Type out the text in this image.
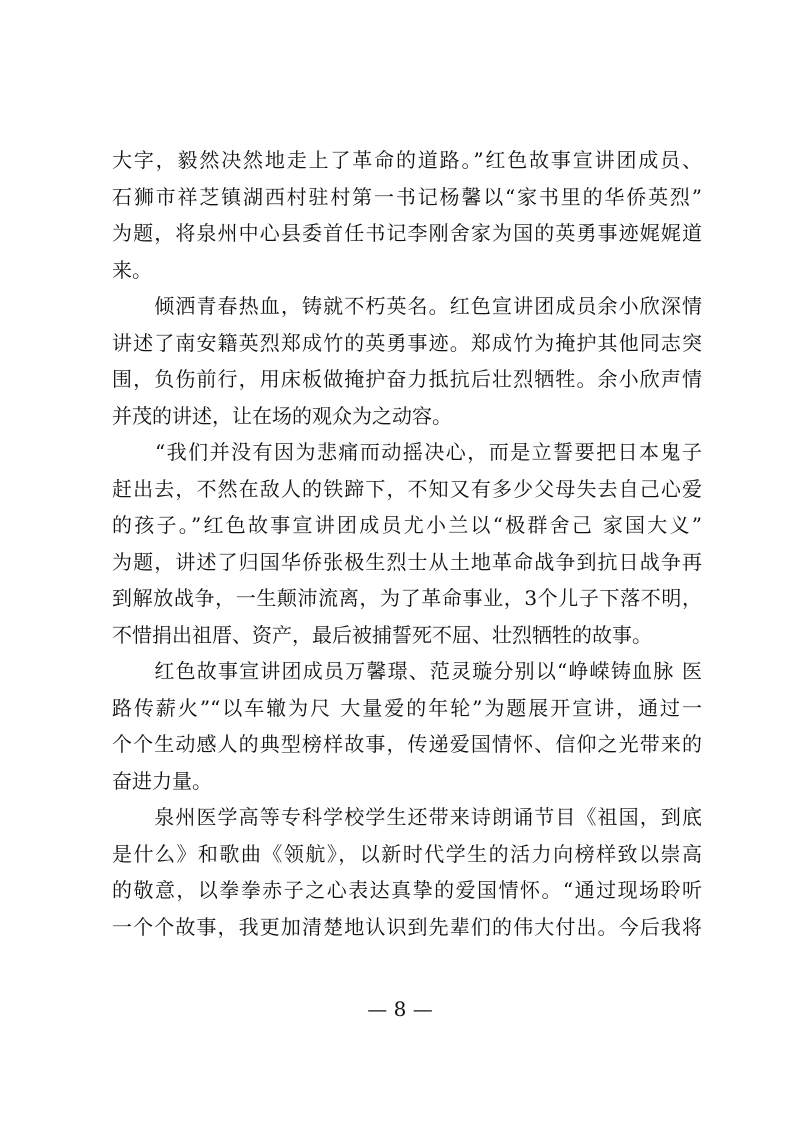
大字，毅然决然地走上了革命的道路。”红色故事宣讲团成员、
石狮市祥芝镇湖西村驻村第一书记杨馨以“家书里的华侨英烈”
为题，将泉州中心县委首任书记李刚舍家为国的英勇事迹娓娓道
来。
　　倾洒青春热血，铸就不朽英名。红色宣讲团成员余小欣深情
讲述了南安籍英烈郑成竹的英勇事迹。郑成竹为掩护其他同志突
围，负伤前行，用床板做掩护奋力抵抗后壮烈牺牲。余小欣声情
并茂的讲述，让在场的观众为之动容。
　　“我们并没有因为悲痛而动摇决心，而是立誓要把日本鬼子
赶出去，不然在敌人的铁蹄下，不知又有多少父母失去自己心爱
的孩子。”红色故事宣讲团成员尤小兰以“极群舍己 家国大义”
为题，讲述了归国华侨张极生烈士从土地革命战争到抗日战争再
到解放战争，一生颠沛流离，为了革命事业，3个儿子下落不明，
不惜捐出祖厝、资产，最后被捕誓死不屈、壮烈牺牲的故事。
　　红色故事宣讲团成员万馨璟、范灵璇分别以“峥嵘铸血脉 医
路传薪火”“以车辙为尺 大量爱的年轮”为题展开宣讲，通过一
个个生动感人的典型榜样故事，传递爱国情怀、信仰之光带来的
奋进力量。
　　泉州医学高等专科学校学生还带来诗朗诵节目《祖国，到底
是什么》和歌曲《领航》，以新时代学生的活力向榜样致以崇高
的敬意，以拳拳赤子之心表达真挚的爱国情怀。“通过现场聆听
一个个故事，我更加清楚地认识到先辈们的伟大付出。今后我将
— 8 —
